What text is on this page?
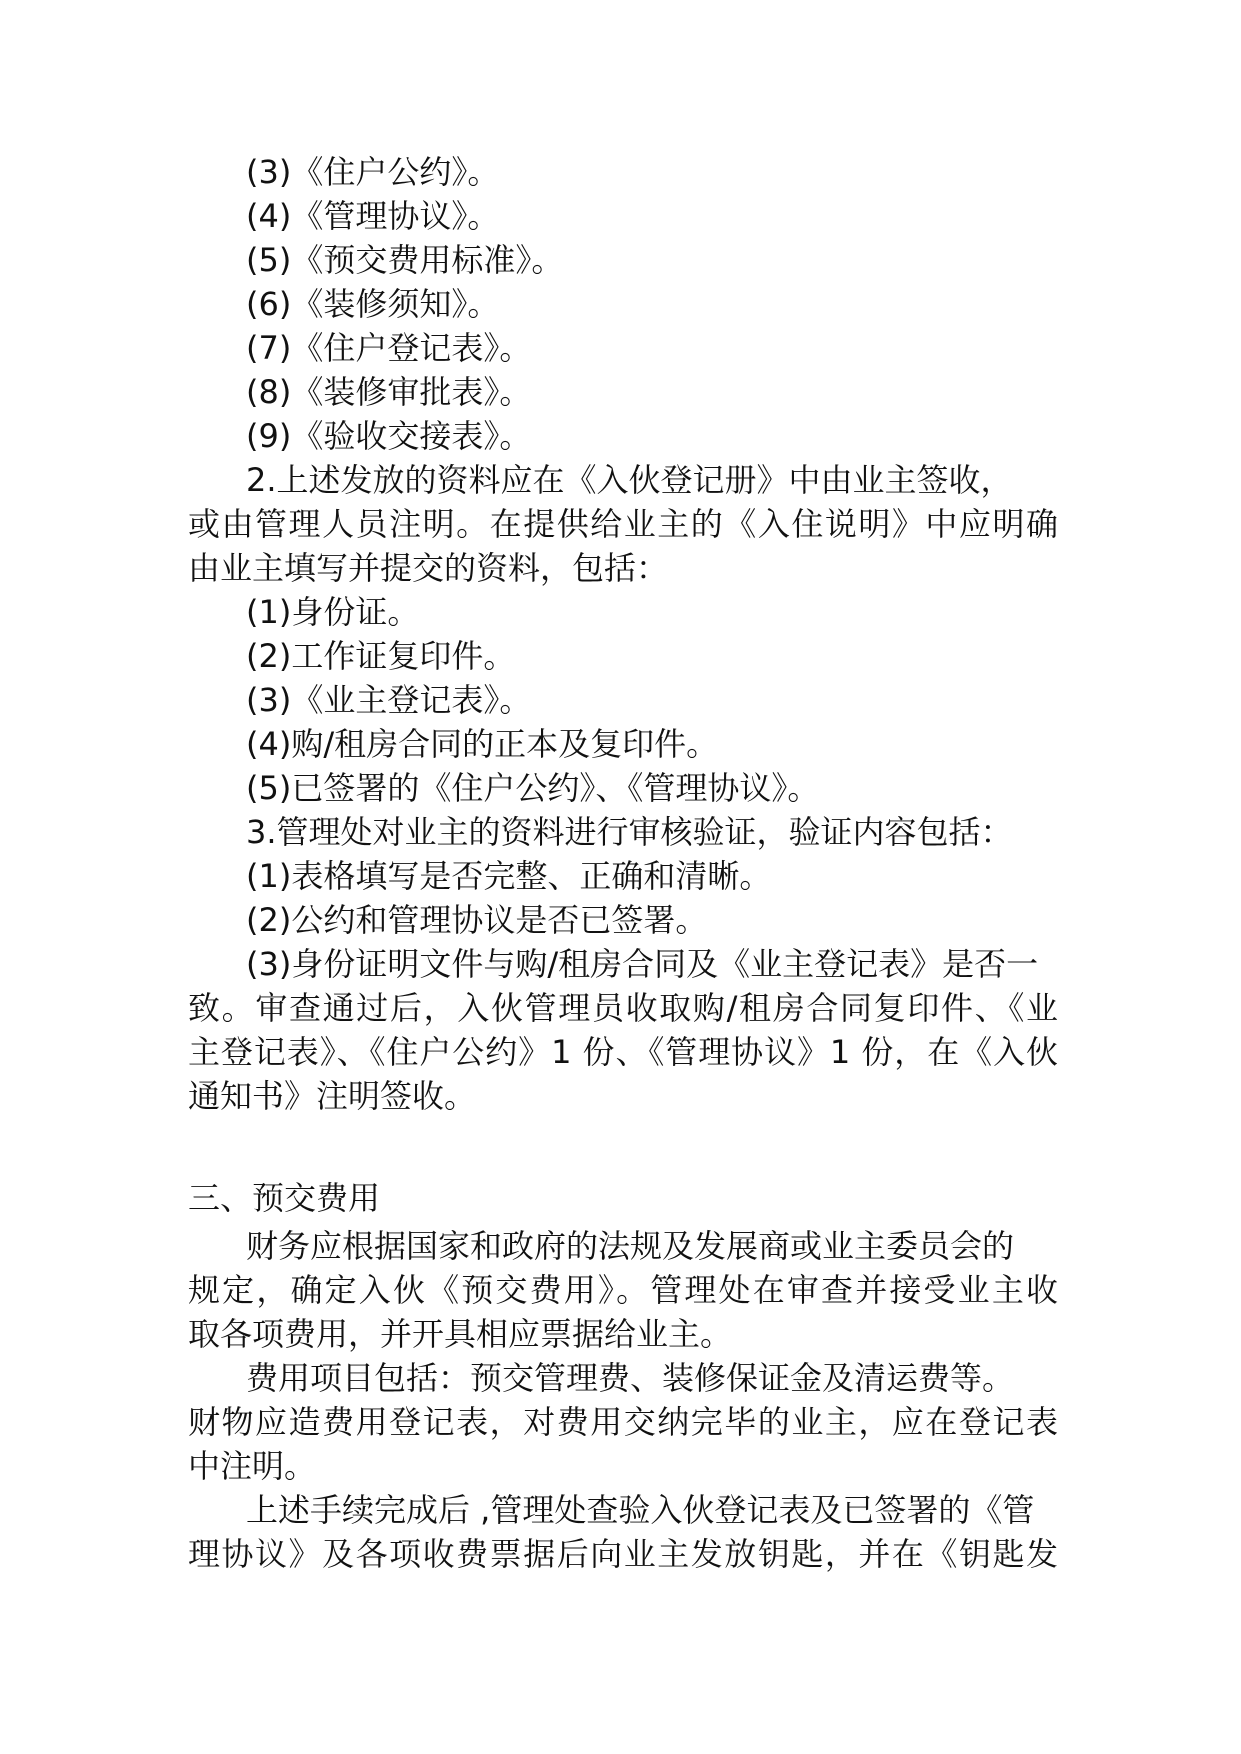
(3)《住户公约》。
(4)《管理协议》。
(5)《预交费用标准》。
(6)《装修须知》。
(7)《住户登记表》。
(8)《装修审批表》。
(9)《验收交接表》。
2.上述发放的资料应在《入伙登记册》中由业主签收，
或由管理人员注明。在提供给业主的《入住说明》中应明确
由业主填写并提交的资料，包括：
(1)身份证。
(2)工作证复印件。
(3)《业主登记表》。
(4)购/租房合同的正本及复印件。
(5)已签署的《住户公约》、《管理协议》。
3.管理处对业主的资料进行审核验证，验证内容包括：
(1)表格填写是否完整、正确和清晰。
(2)公约和管理协议是否已签署。
(3)身份证明文件与购/租房合同及《业主登记表》是否一
致。审查通过后，入伙管理员收取购/租房合同复印件、《业
主登记表》、《住户公约》1 份、《管理协议》1 份，在《入伙
通知书》注明签收。
三、预交费用
财务应根据国家和政府的法规及发展商或业主委员会的
规定，确定入伙《预交费用》。管理处在审查并接受业主收
取各项费用，并开具相应票据给业主。
费用项目包括：预交管理费、装修保证金及清运费等。
财物应造费用登记表，对费用交纳完毕的业主，应在登记表
中注明。
上述手续完成后 ,管理处查验入伙登记表及已签署的《管
理协议》及各项收费票据后向业主发放钥匙，并在《钥匙发
